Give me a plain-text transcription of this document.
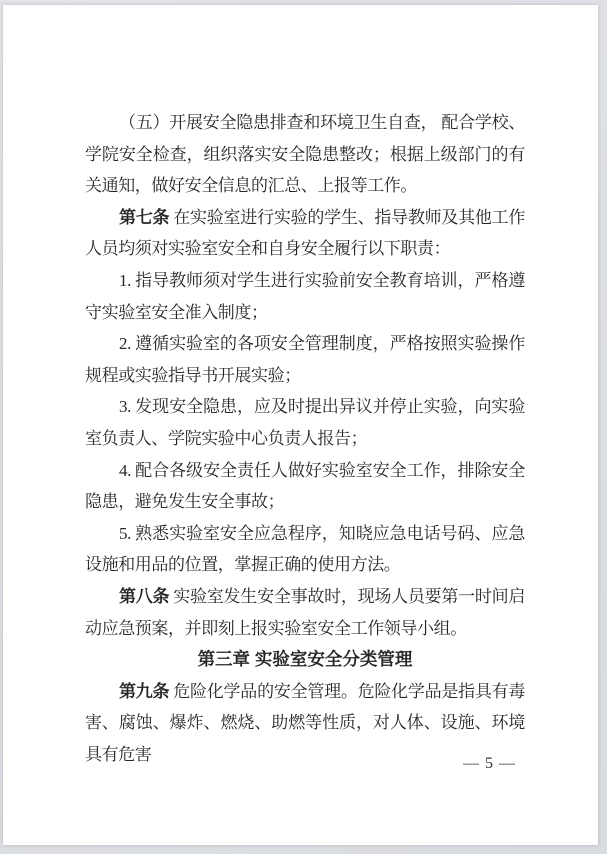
（五）开展安全隐患排查和环境卫生自查， 配合学校、学院安全检查，组织落实安全隐患整改；根据上级部门的有关通知，做好安全信息的汇总、上报等工作。

第七条 在实验室进行实验的学生、指导教师及其他工作人员均须对实验室安全和自身安全履行以下职责：

1. 指导教师须对学生进行实验前安全教育培训，严格遵守实验室安全准入制度；

2. 遵循实验室的各项安全管理制度，严格按照实验操作规程或实验指导书开展实验；

3. 发现安全隐患，应及时提出异议并停止实验，向实验室负责人、学院实验中心负责人报告；

4. 配合各级安全责任人做好实验室安全工作，排除安全隐患，避免发生安全事故；

5. 熟悉实验室安全应急程序，知晓应急电话号码、应急设施和用品的位置，掌握正确的使用方法。

第八条 实验室发生安全事故时，现场人员要第一时间启动应急预案，并即刻上报实验室安全工作领导小组。

第三章 实验室安全分类管理

第九条 危险化学品的安全管理。危险化学品是指具有毒害、腐蚀、爆炸、燃烧、助燃等性质，对人体、设施、环境具有危害	— 5 —
